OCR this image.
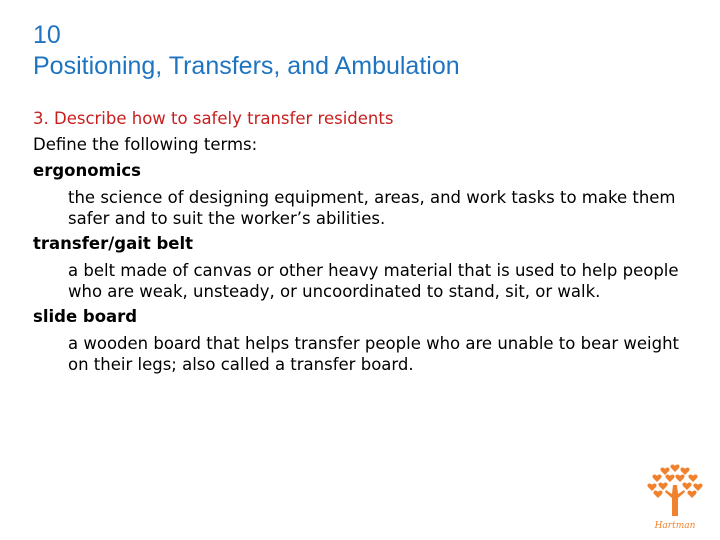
10
Positioning, Transfers, and Ambulation
3. Describe how to safely transfer residents
Define the following terms:
ergonomics
the science of designing equipment, areas, and work tasks to make them safer and to suit the worker’s abilities.
transfer/gait belt
a belt made of canvas or other heavy material that is used to help people who are weak, unsteady, or uncoordinated to stand, sit, or walk.
slide board
a wooden board that helps transfer people who are unable to bear weight on their legs; also called a transfer board.
Hartman
